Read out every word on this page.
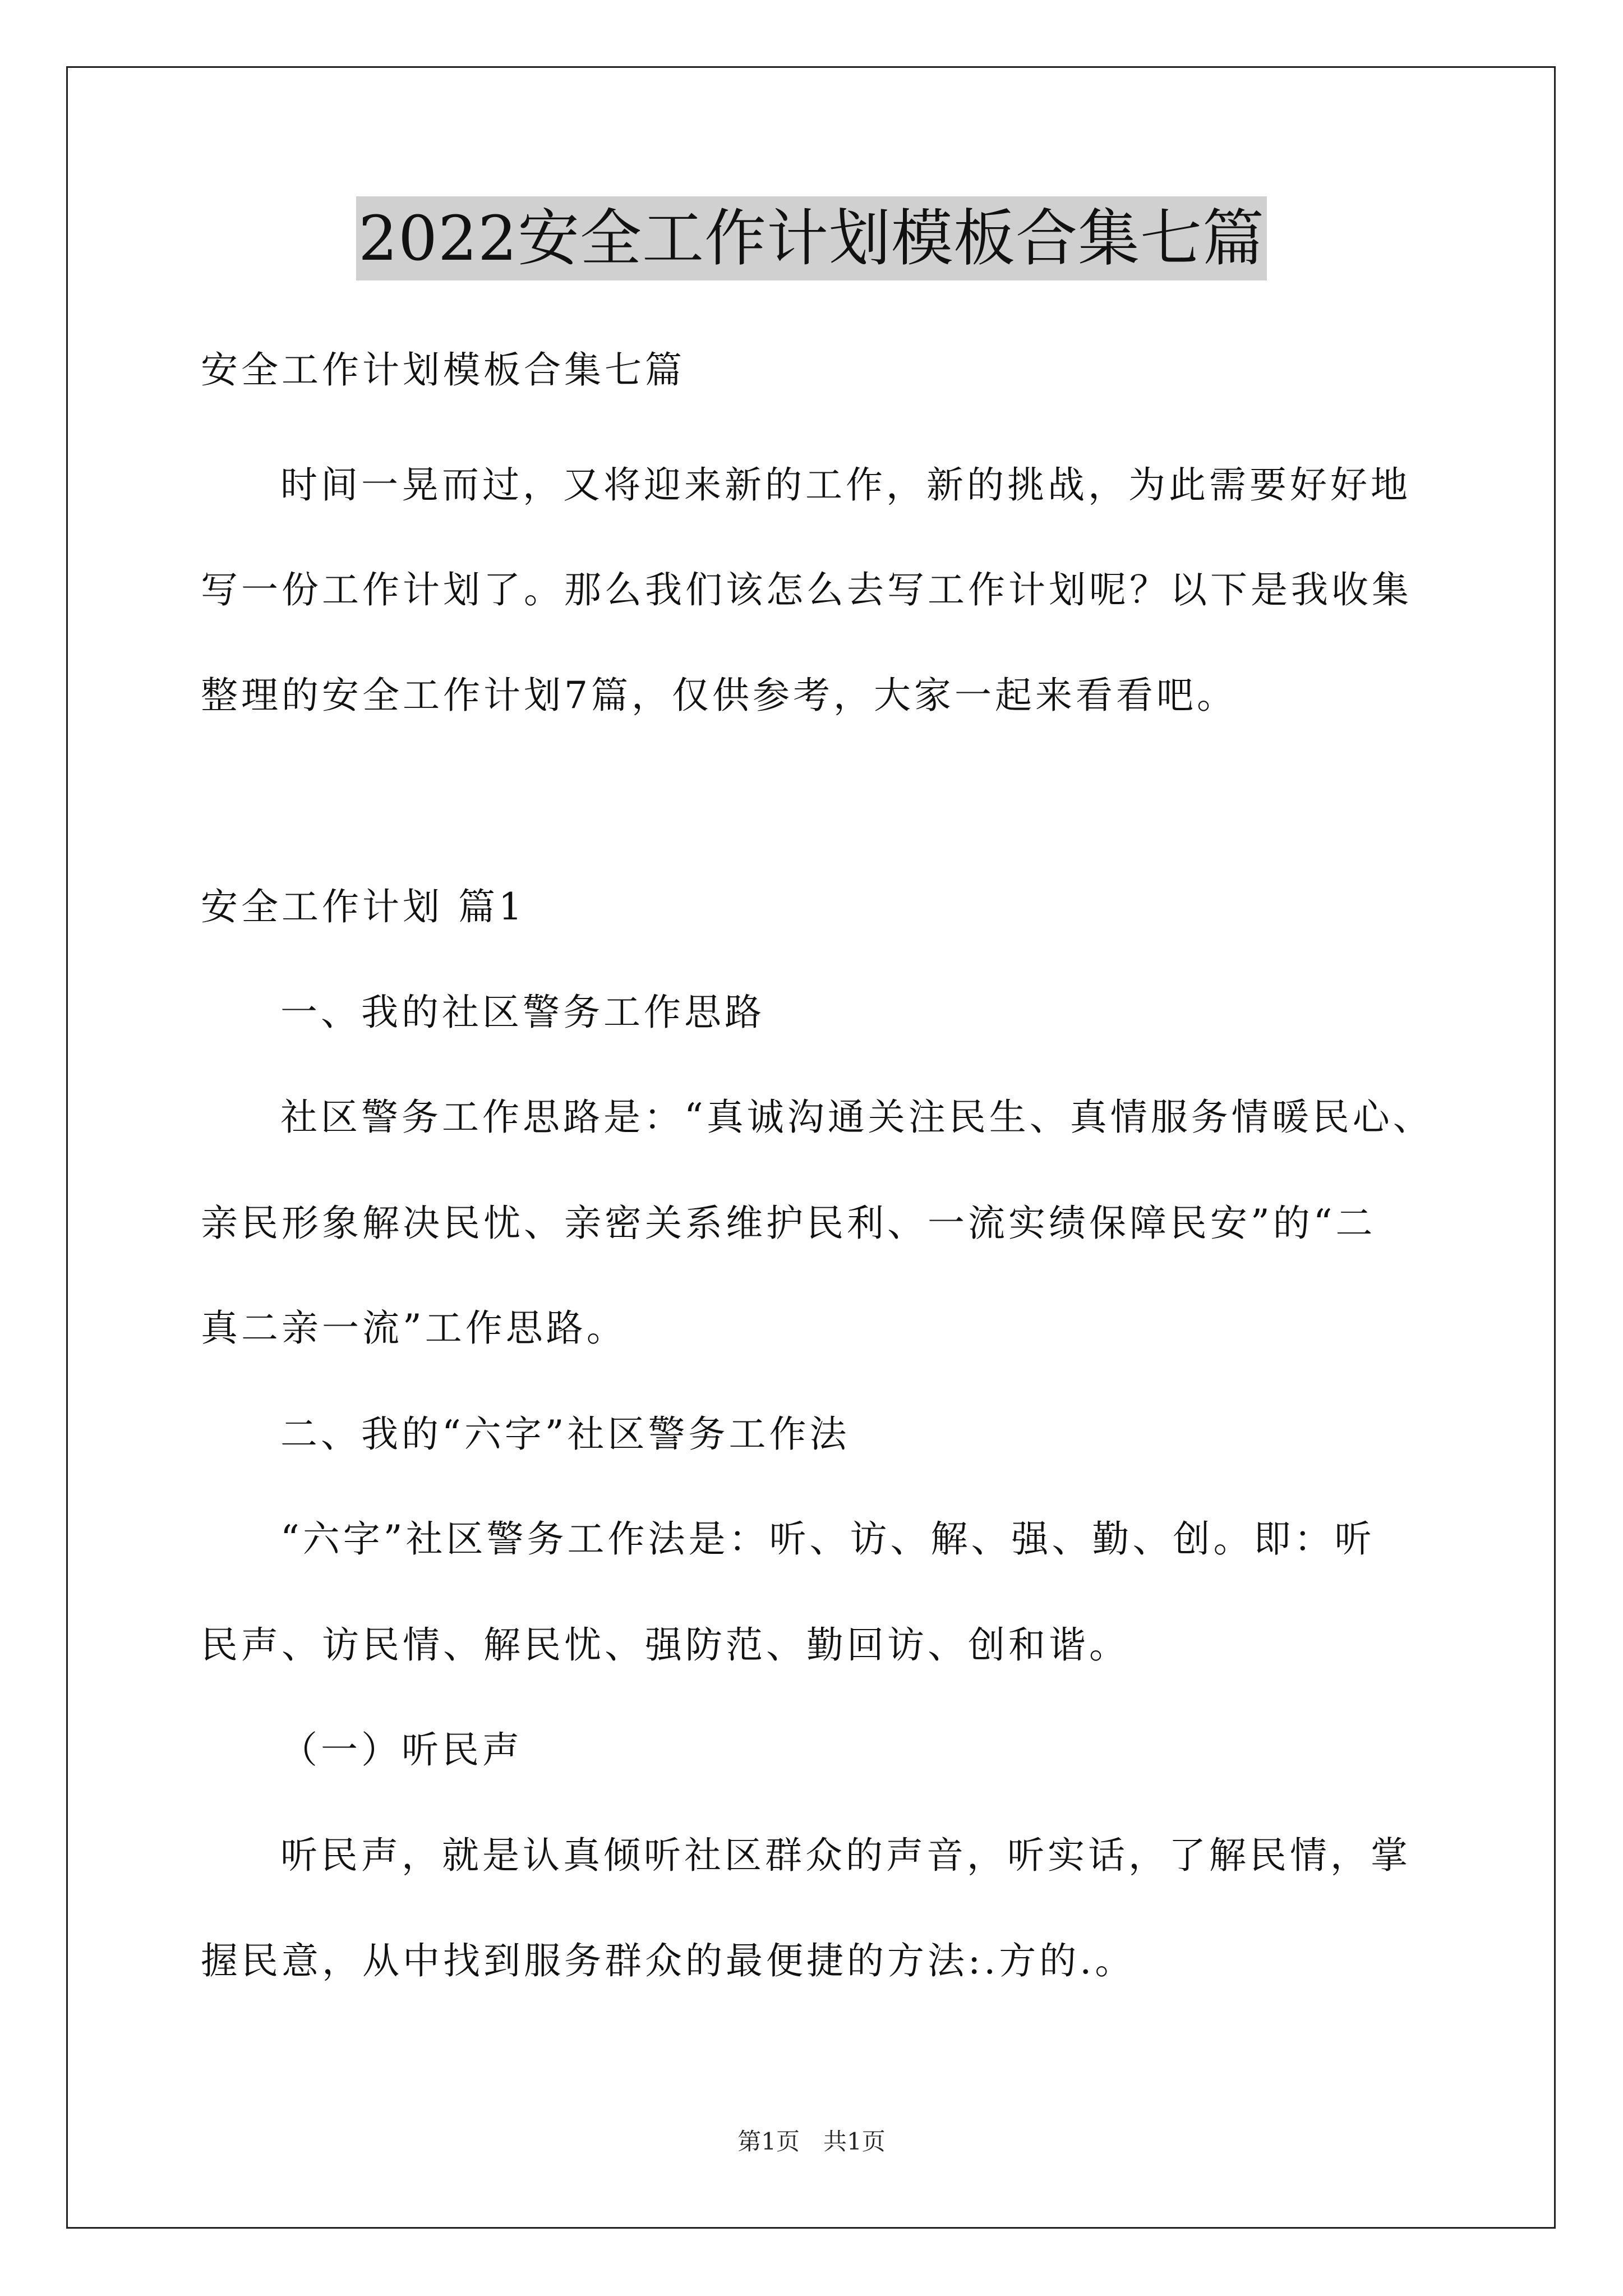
2022安全工作计划模板合集七篇

安全工作计划模板合集七篇

时间一晃而过，又将迎来新的工作，新的挑战，为此需要好好地

写一份工作计划了。那么我们该怎么去写工作计划呢？以下是我收集

整理的安全工作计划7篇，仅供参考，大家一起来看看吧。

安全工作计划 篇1

一、我的社区警务工作思路

社区警务工作思路是：“真诚沟通关注民生、真情服务情暖民心、

亲民形象解决民忧、亲密关系维护民利、一流实绩保障民安”的“二

真二亲一流”工作思路。

二、我的“六字”社区警务工作法

“六字”社区警务工作法是：听、访、解、强、勤、创。即：听

民声、访民情、解民忧、强防范、勤回访、创和谐。

（一）听民声

听民声，就是认真倾听社区群众的声音，听实话，了解民情，掌

握民意，从中找到服务群众的最便捷的方法:.方的.。

第1页　共1页
